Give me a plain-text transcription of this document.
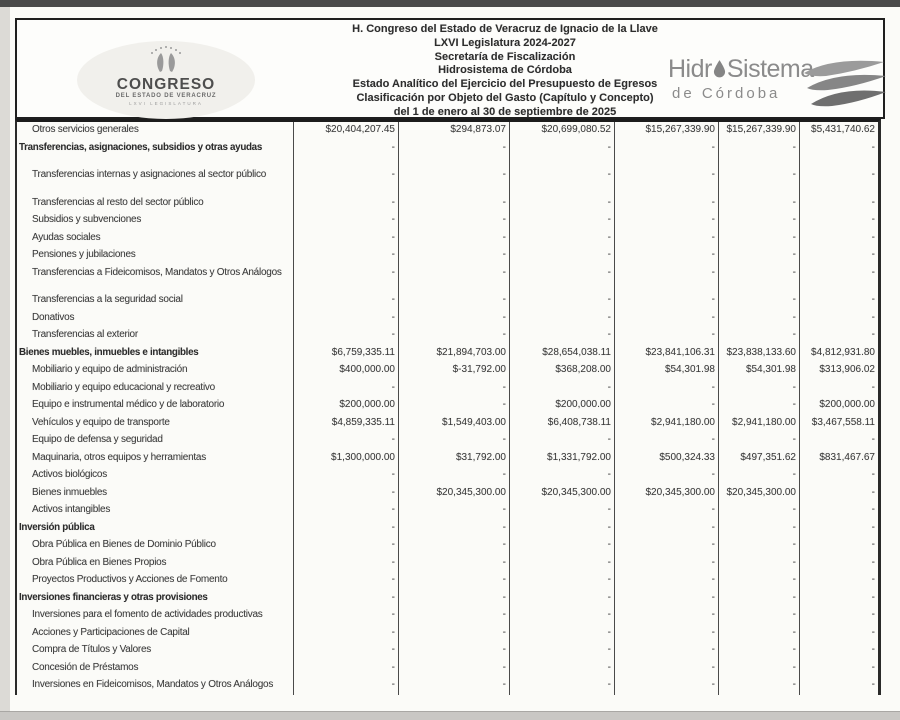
CONGRESO
DEL ESTADO DE VERACRUZ
LXVI LEGISLATURA
H. Congreso del Estado de Veracruz de Ignacio de la Llave
LXVI Legislatura 2024-2027
Secretaría de Fiscalización
Hidrosistema de Córdoba
Estado Analítico del Ejercicio del Presupuesto de Egresos
Clasificación por Objeto del Gasto (Capítulo y Concepto)
del 1 de enero al 30 de septiembre de 2025
Hidr Sistema
de Córdoba
Otros servicios generales	$20,404,207.45	$294,873.07	$20,699,080.52	$15,267,339.90	$15,267,339.90	$5,431,740.62
Transferencias, asignaciones, subsidios y otras ayudas	-	-	-	-	-	-
Transferencias internas y asignaciones al sector público	-	-	-	-	-	-
Transferencias al resto del sector público	-	-	-	-	-	-
Subsidios y subvenciones	-	-	-	-	-	-
Ayudas sociales	-	-	-	-	-	-
Pensiones y jubilaciones	-	-	-	-	-	-
Transferencias a Fideicomisos, Mandatos y Otros Análogos	-	-	-	-	-	-
Transferencias a la seguridad social	-	-	-	-	-	-
Donativos	-	-	-	-	-	-
Transferencias al exterior	-	-	-	-	-	-
Bienes muebles, inmuebles e intangibles	$6,759,335.11	$21,894,703.00	$28,654,038.11	$23,841,106.31	$23,838,133.60	$4,812,931.80
Mobiliario y equipo de administración	$400,000.00	$-31,792.00	$368,208.00	$54,301.98	$54,301.98	$313,906.02
Mobiliario y equipo educacional y recreativo	-	-	-	-	-	-
Equipo e instrumental médico y de laboratorio	$200,000.00	-	$200,000.00	-	-	$200,000.00
Vehículos y equipo de transporte	$4,859,335.11	$1,549,403.00	$6,408,738.11	$2,941,180.00	$2,941,180.00	$3,467,558.11
Equipo de defensa y seguridad	-	-	-	-	-	-
Maquinaria, otros equipos y herramientas	$1,300,000.00	$31,792.00	$1,331,792.00	$500,324.33	$497,351.62	$831,467.67
Activos biológicos	-	-	-	-	-	-
Bienes inmuebles	-	$20,345,300.00	$20,345,300.00	$20,345,300.00	$20,345,300.00	-
Activos intangibles	-	-	-	-	-	-
Inversión pública	-	-	-	-	-	-
Obra Pública en Bienes de Dominio Público	-	-	-	-	-	-
Obra Pública en Bienes Propios	-	-	-	-	-	-
Proyectos Productivos y Acciones de Fomento	-	-	-	-	-	-
Inversiones financieras y otras provisiones	-	-	-	-	-	-
Inversiones para el fomento de actividades productivas	-	-	-	-	-	-
Acciones y Participaciones de Capital	-	-	-	-	-	-
Compra de Títulos y Valores	-	-	-	-	-	-
Concesión de Préstamos	-	-	-	-	-	-
Inversiones en Fideicomisos, Mandatos y Otros Análogos	-	-	-	-	-	-
